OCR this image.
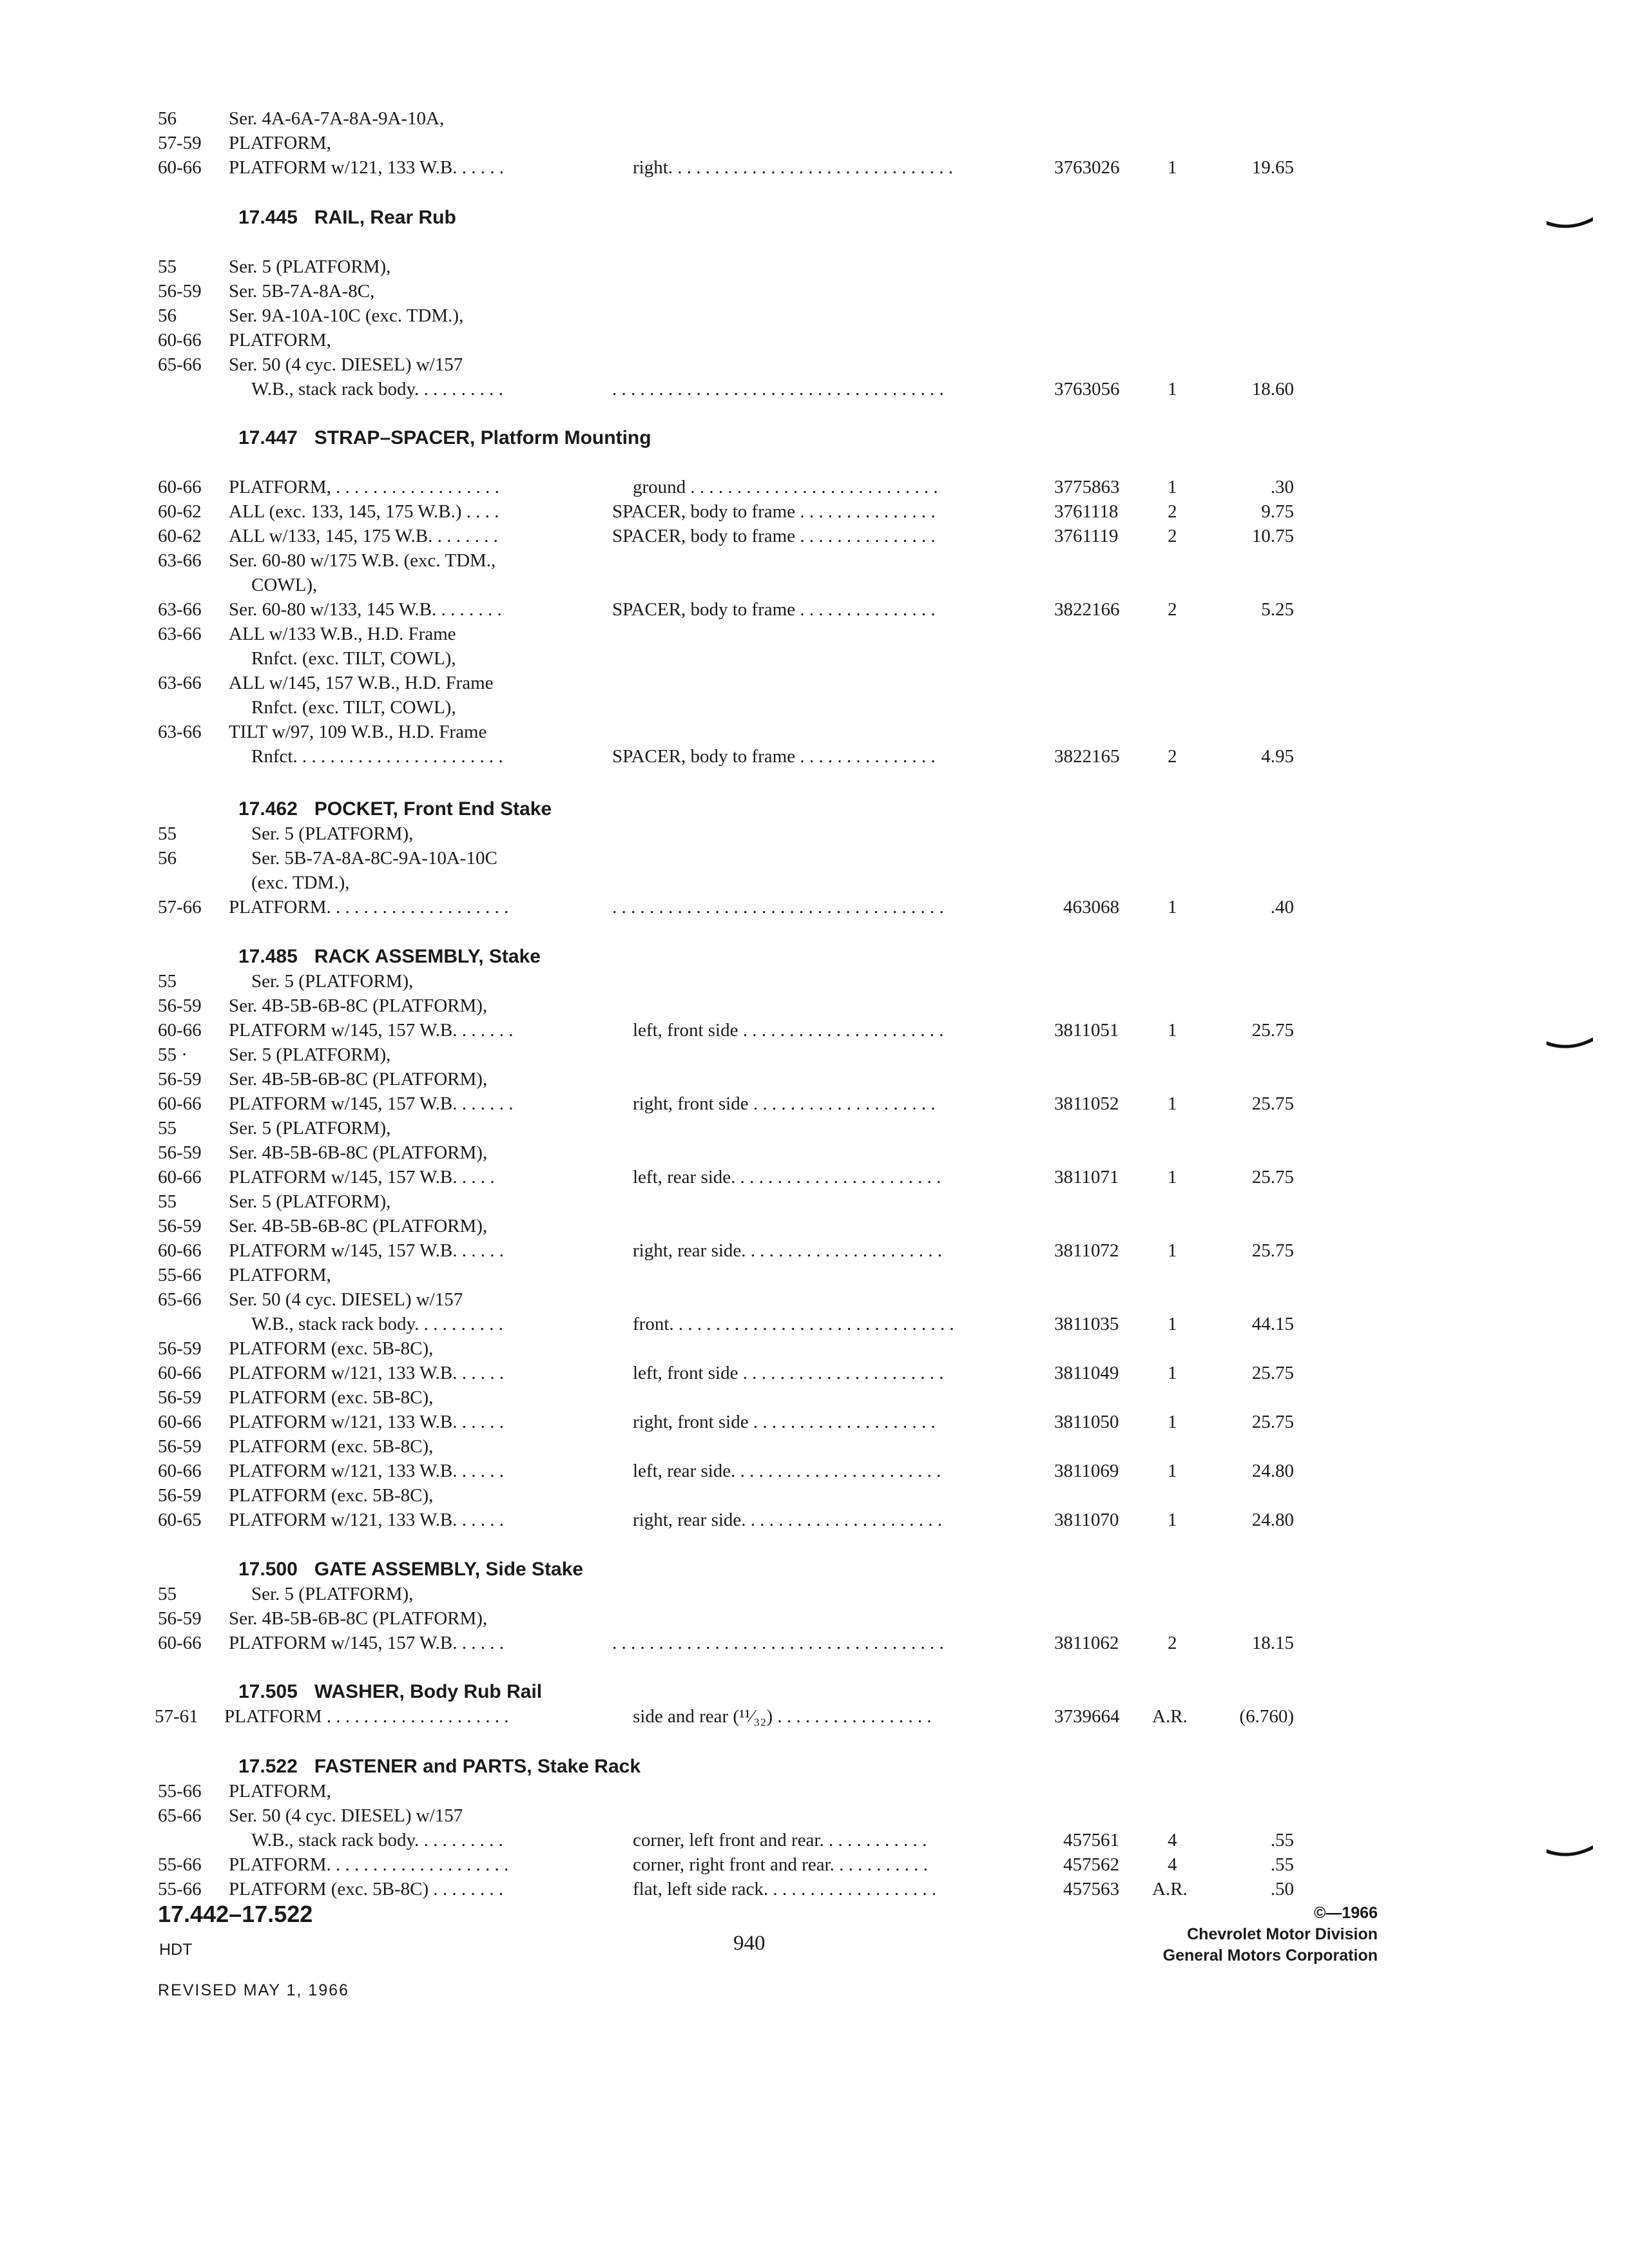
56	Ser. 4A-6A-7A-8A-9A-10A,
57-59 PLATFORM,
60-66 PLATFORM w/121, 133 W.B. . . . . .	right. . . . . . . . . . . . . . . . . . . . . . . . . . . . . . .	3763026	1	19.65
17.445 RAIL, Rear Rub
55	Ser. 5 (PLATFORM),
56-59 Ser. 5B-7A-8A-8C,
56	Ser. 9A-10A-10C (exc. TDM.),
60-66 PLATFORM,
65-66 Ser. 50 (4 cyc. DIESEL) w/157
W.B., stack rack body. . . . . . . . . .	. . . . . . . . . . . . . . . . . . . . . . . . . . . . . . . . . . . .	3763056	1	18.60
17.447 STRAP–SPACER, Platform Mounting
60-66 PLATFORM, . . . . . . . . . . . . . . . . . .	ground . . . . . . . . . . . . . . . . . . . . . . . . . . .	3775863	1	.30
60-62 ALL (exc. 133, 145, 175 W.B.) . . . .	SPACER, body to frame . . . . . . . . . . . . . . .	3761118	2	9.75
60-62 ALL w/133, 145, 175 W.B. . . . . . . .	SPACER, body to frame . . . . . . . . . . . . . . .	3761119	2	10.75
63-66 Ser. 60-80 w/175 W.B. (exc. TDM.,
COWL),
63-66 Ser. 60-80 w/133, 145 W.B. . . . . . . .	SPACER, body to frame . . . . . . . . . . . . . . .	3822166	2	5.25
63-66 ALL w/133 W.B., H.D. Frame
Rnfct. (exc. TILT, COWL),
63-66 ALL w/145, 157 W.B., H.D. Frame
Rnfct. (exc. TILT, COWL),
63-66 TILT w/97, 109 W.B., H.D. Frame
Rnfct. . . . . . . . . . . . . . . . . . . . . . .	SPACER, body to frame . . . . . . . . . . . . . . .	3822165	2	4.95
17.462 POCKET, Front End Stake
55	Ser. 5 (PLATFORM),
56	Ser. 5B-7A-8A-8C-9A-10A-10C
(exc. TDM.),
57-66 PLATFORM. . . . . . . . . . . . . . . . . . . .	. . . . . . . . . . . . . . . . . . . . . . . . . . . . . . . . . . . .	463068	1	.40
17.485 RACK ASSEMBLY, Stake
55	Ser. 5 (PLATFORM),
56-59 Ser. 4B-5B-6B-8C (PLATFORM),
60-66 PLATFORM w/145, 157 W.B. . . . . . .	left, front side . . . . . . . . . . . . . . . . . . . . . .	3811051	1	25.75
55 · Ser. 5 (PLATFORM),
56-59 Ser. 4B-5B-6B-8C (PLATFORM),
60-66 PLATFORM w/145, 157 W.B. . . . . . .	right, front side . . . . . . . . . . . . . . . . . . . .	3811052	1	25.75
55	Ser. 5 (PLATFORM),
56-59 Ser. 4B-5B-6B-8C (PLATFORM),
60-66 PLATFORM w/145, 157 W.B. . . . .	left, rear side. . . . . . . . . . . . . . . . . . . . . . .	3811071	1	25.75
55	Ser. 5 (PLATFORM),
56-59 Ser. 4B-5B-6B-8C (PLATFORM),
60-66 PLATFORM w/145, 157 W.B. . . . . .	right, rear side. . . . . . . . . . . . . . . . . . . . . .	3811072	1	25.75
55-66 PLATFORM,
65-66 Ser. 50 (4 cyc. DIESEL) w/157
W.B., stack rack body. . . . . . . . . .	front. . . . . . . . . . . . . . . . . . . . . . . . . . . . . . .	3811035	1	44.15
56-59 PLATFORM (exc. 5B-8C),
60-66 PLATFORM w/121, 133 W.B. . . . . .	left, front side . . . . . . . . . . . . . . . . . . . . . .	3811049	1	25.75
56-59 PLATFORM (exc. 5B-8C),
60-66 PLATFORM w/121, 133 W.B. . . . . .	right, front side . . . . . . . . . . . . . . . . . . . .	3811050	1	25.75
56-59 PLATFORM (exc. 5B-8C),
60-66 PLATFORM w/121, 133 W.B. . . . . .	left, rear side. . . . . . . . . . . . . . . . . . . . . . .	3811069	1	24.80
56-59 PLATFORM (exc. 5B-8C),
60-65 PLATFORM w/121, 133 W.B. . . . . .	right, rear side. . . . . . . . . . . . . . . . . . . . . .	3811070	1	24.80
17.500 GATE ASSEMBLY, Side Stake
55	Ser. 5 (PLATFORM),
56-59 Ser. 4B-5B-6B-8C (PLATFORM),
60-66 PLATFORM w/145, 157 W.B. . . . . .	. . . . . . . . . . . . . . . . . . . . . . . . . . . . . . . . . . . .	3811062	2	18.15
17.505 WASHER, Body Rub Rail
57-61 PLATFORM . . . . . . . . . . . . . . . . . . . .	side and rear (¹¹⁄₃₂) . . . . . . . . . . . . . . . . .	3739664 A.R.	(6.760)
17.522 FASTENER and PARTS, Stake Rack
55-66 PLATFORM,
65-66 Ser. 50 (4 cyc. DIESEL) w/157
W.B., stack rack body. . . . . . . . . .	corner, left front and rear. . . . . . . . . . . .	457561	4	.55
55-66 PLATFORM. . . . . . . . . . . . . . . . . . . .	corner, right front and rear. . . . . . . . . . .	457562	4	.55
55-66 PLATFORM (exc. 5B-8C) . . . . . . . .	flat, left side rack. . . . . . . . . . . . . . . . . . .	457563 A.R.	.50
17.442–17.522
HDT
REVISED MAY 1, 1966
940
©—1966
Chevrolet Motor Division
General Motors Corporation
